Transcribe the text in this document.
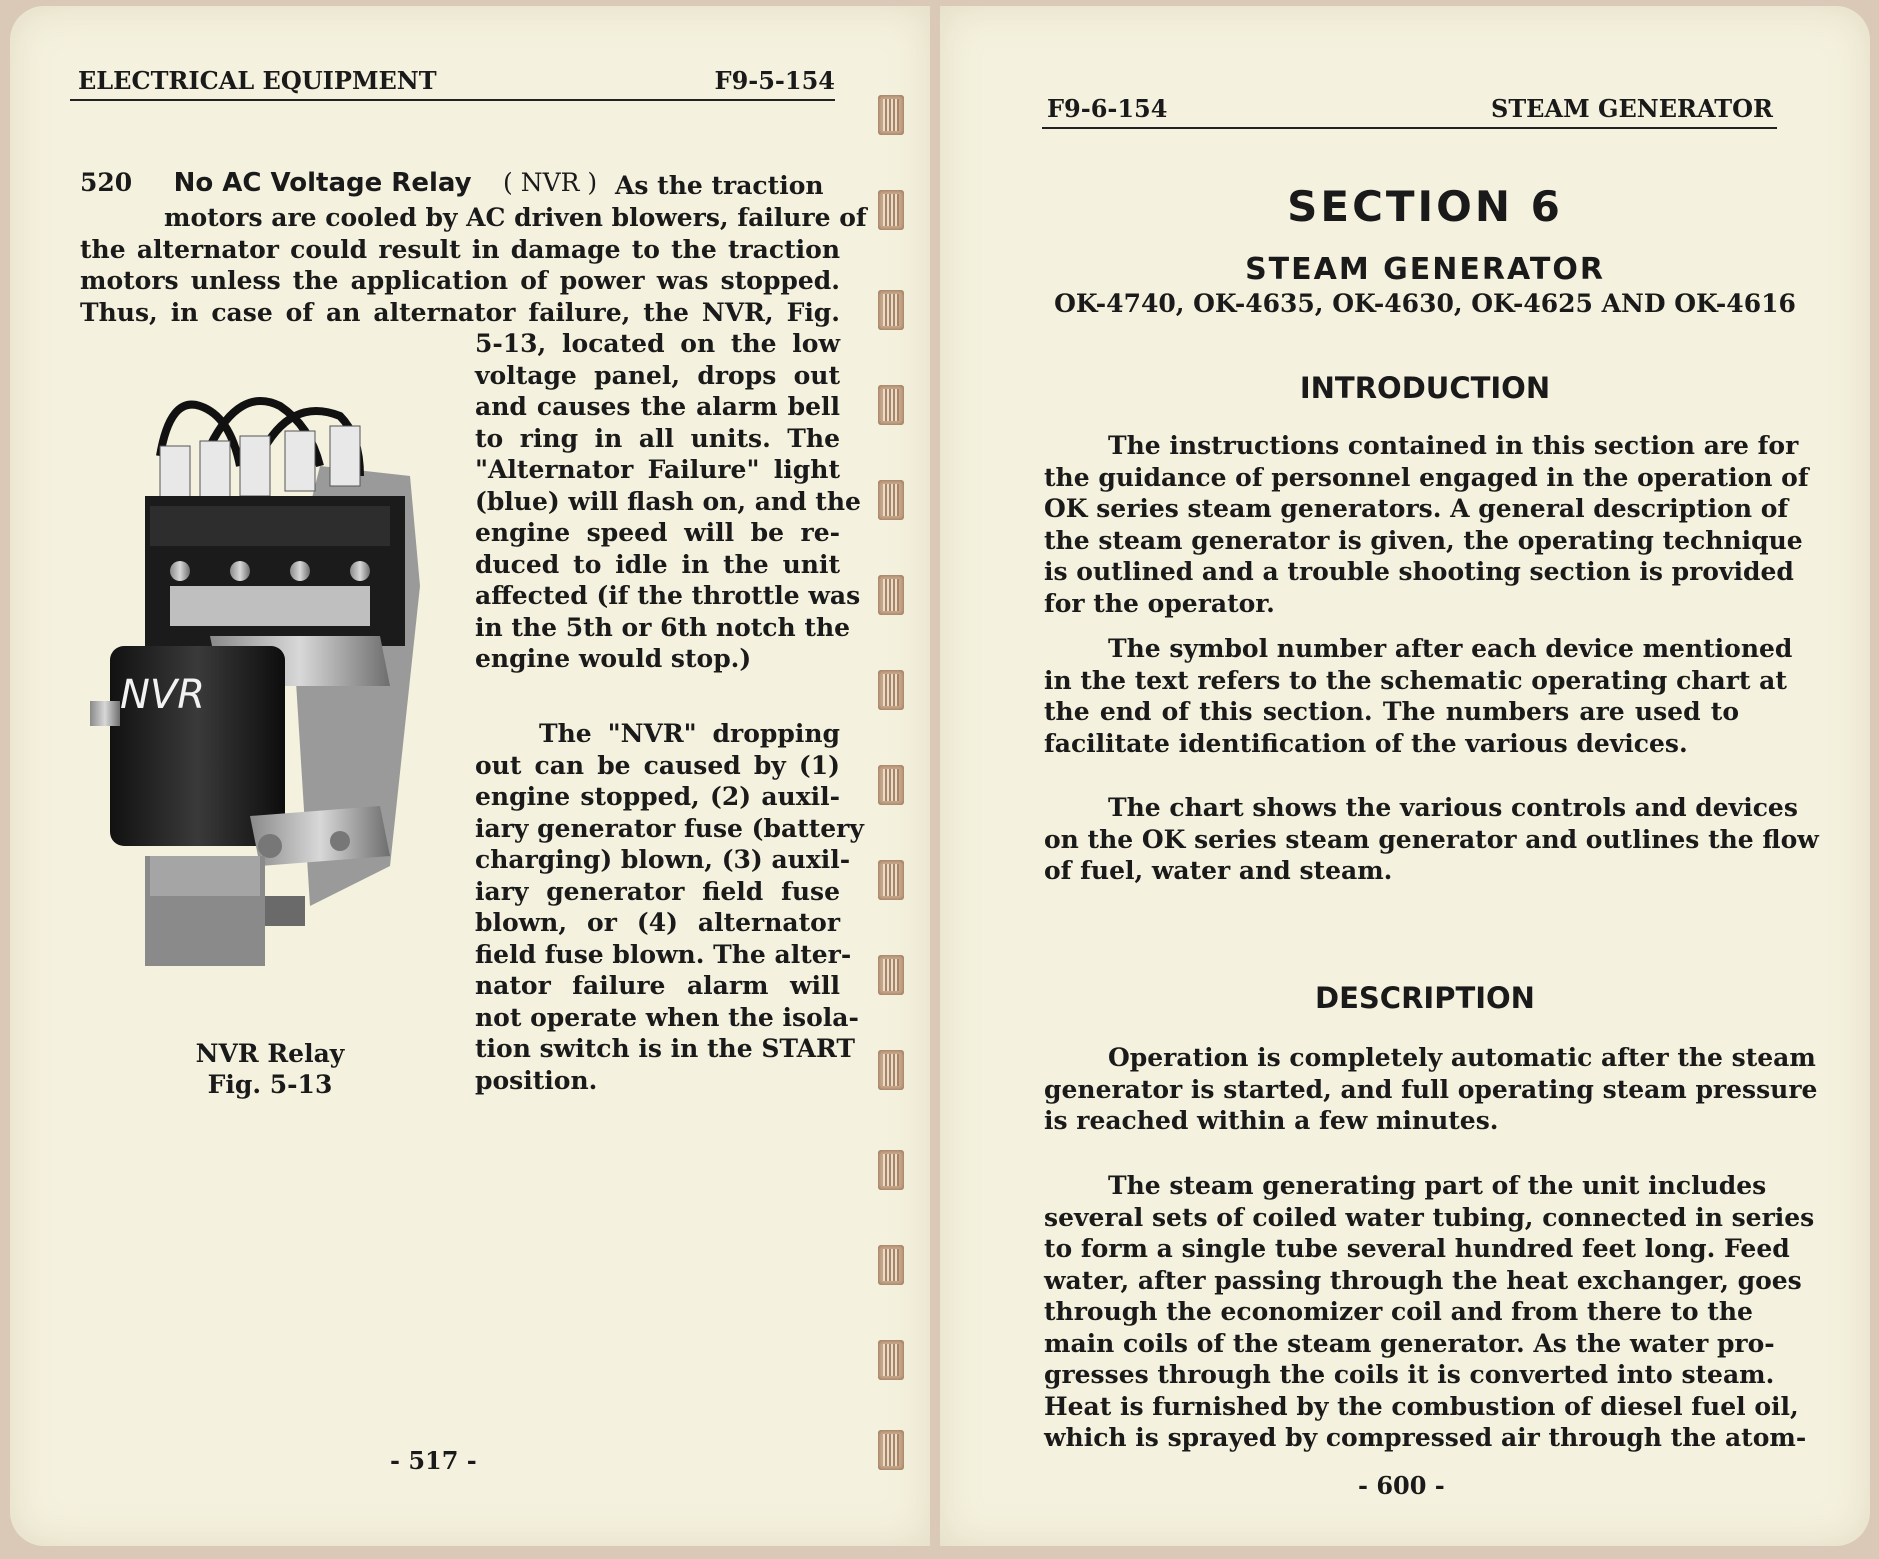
ELECTRICAL EQUIPMENT	F9-5-154
520 No AC Voltage Relay ( NVR ) As the traction
motors are cooled by AC driven blowers, failure of
the alternator could result in damage to the traction
motors unless the application of power was stopped.
Thus, in case of an alternator failure, the NVR, Fig.
5-13, located on the low
voltage panel, drops out
and causes the alarm bell
to ring in all units. The
"Alternator Failure" light
(blue) will flash on, and the
engine speed will be re-
duced to idle in the unit
affected (if the throttle was
in the 5th or 6th notch the
engine would stop.)
The "NVR" dropping
out can be caused by (1)
engine stopped, (2) auxil-
iary generator fuse (battery
charging) blown, (3) auxil-
iary generator field fuse
blown, or (4) alternator
field fuse blown. The alter-
nator failure alarm will
not operate when the isola-
tion switch is in the START
position.
NVR
NVR Relay
Fig. 5-13
- 517 -
F9-6-154	STEAM GENERATOR
SECTION 6
STEAM GENERATOR
OK-4740, OK-4635, OK-4630, OK-4625 AND OK-4616
INTRODUCTION
The instructions contained in this section are for
the guidance of personnel engaged in the operation of
OK series steam generators. A general description of
the steam generator is given, the operating technique
is outlined and a trouble shooting section is provided
for the operator.
The symbol number after each device mentioned
in the text refers to the schematic operating chart at
the end of this section. The numbers are used to
facilitate identification of the various devices.
The chart shows the various controls and devices
on the OK series steam generator and outlines the flow
of fuel, water and steam.
DESCRIPTION
Operation is completely automatic after the steam
generator is started, and full operating steam pressure
is reached within a few minutes.
The steam generating part of the unit includes
several sets of coiled water tubing, connected in series
to form a single tube several hundred feet long. Feed
water, after passing through the heat exchanger, goes
through the economizer coil and from there to the
main coils of the steam generator. As the water pro-
gresses through the coils it is converted into steam.
Heat is furnished by the combustion of diesel fuel oil,
which is sprayed by compressed air through the atom-
- 600 -
